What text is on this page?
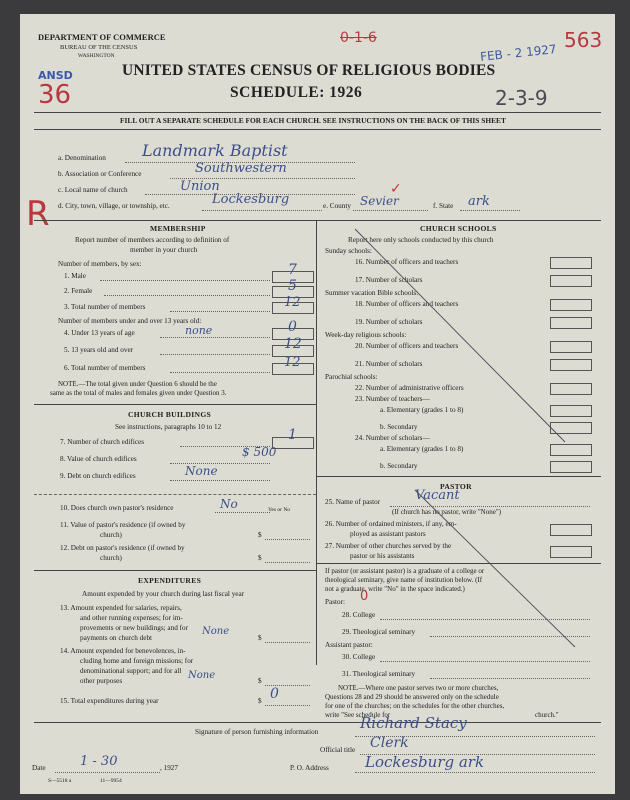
DEPARTMENT OF COMMERCE
BUREAU OF THE CENSUS
WASHINGTON
UNITED STATES CENSUS OF RELIGIOUS BODIES
SCHEDULE: 1926
FILL OUT A SEPARATE SCHEDULE FOR EACH CHURCH. SEE INSTRUCTIONS ON THE BACK OF THIS SHEET
ANSD
36
R
0-1-6
FEB - 2 1927
563
2-3-9
a. Denomination Landmark Baptist
b. Association or Conference	Southwestern
c. Local name of church	Union
d. City, town, village, or township, etc.	Lockesburg	e. County Sevier
✓
f. State ark
MEMBERSHIP
Report number of members according to definition of
member in your church
Number of members, by sex:
1. Male	7
2. Female	5
3. Total number of members	12
Number of members under and over 13 years old:
4. Under 13 years of age	none	0
5. 13 years old and over	12
6. Total number of members	12
NOTE.—The total given under Question 6 should be the
same as the total of males and females given under Question 3.
CHURCH BUILDINGS
See instructions, paragraphs 10 to 12
7. Number of church edifices	1
8. Value of church edifices	$ 500
9. Debt on church edifices	None
10. Does church own pastor's residence	No	Yes or No
11. Value of pastor's residence (if owned by
church)	$
12. Debt on pastor's residence (if owned by
church)	$
EXPENDITURES
Amount expended by your church during last fiscal year
13. Amount expended for salaries, repairs,
and other running expenses; for im-
provements or new buildings; and for
payments on church debt
None
$
14. Amount expended for benevolences, in-
cluding home and foreign missions; for
denominational support; and for all
other purposes	None	$
15. Total expenditures during year	$ 0
CHURCH SCHOOLS
Report here only schools conducted by this church
Sunday schools:
16. Number of officers and teachers
17. Number of scholars
Summer vacation Bible schools:
18. Number of officers and teachers
19. Number of scholars
Week-day religious schools:
20. Number of officers and teachers
21. Number of scholars
Parochial schools:
22. Number of administrative officers
23. Number of teachers—
a. Elementary (grades 1 to 8)
b. Secondary
24. Number of scholars—
a. Elementary (grades 1 to 8)
b. Secondary
PASTOR
25. Name of pastor	Vacant
(If church has no pastor, write "None")
26. Number of ordained ministers, if any, em-
ployed as assistant pastors
27. Number of other churches served by the
pastor or his assistants
If pastor (or assistant pastor) is a graduate of a college or
theological seminary, give name of institution below. (If
not a graduate, write "No" in the space indicated.)
Pastor: 0
28. College
29. Theological seminary
Assistant pastor:
30. College
31. Theological seminary
NOTE.—Where one pastor serves two or more churches,
Questions 28 and 29 should be answered only on the schedule
for one of the churches; on the schedules for the other churches,
write "See schedule for	church."
Signature of person furnishing information	Richard Stacy
Official title Clerk
Date	1 - 30	, 1927	P. O. Address Lockesburg ark
S—5518 a	11—9954
